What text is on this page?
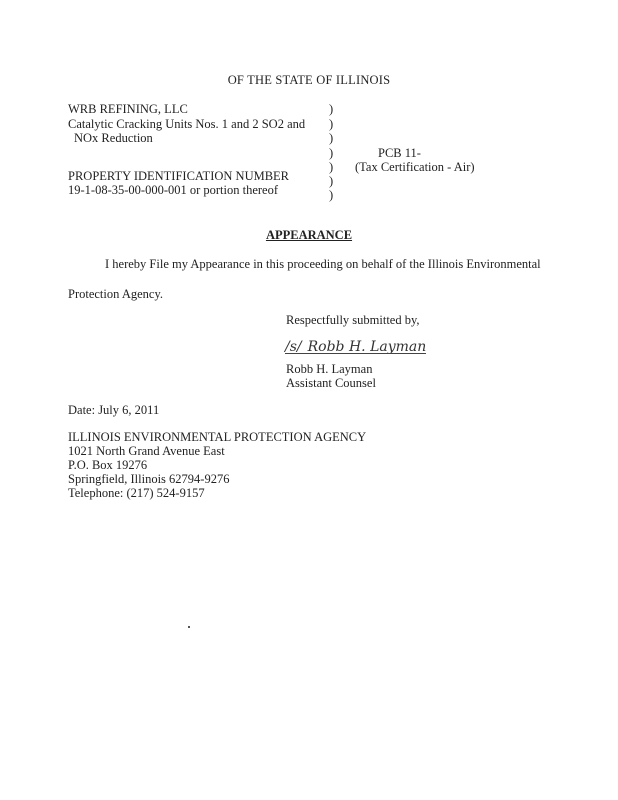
OF THE STATE OF ILLINOIS
WRB REFINING, LLC
Catalytic Cracking Units Nos. 1 and 2 SO2 and
NOx Reduction
PROPERTY IDENTIFICATION NUMBER
19-1-08-35-00-000-001 or portion thereof
)
)
)
)
)
)
)
PCB 11-
(Tax Certification - Air)
APPEARANCE
I hereby File my Appearance in this proceeding on behalf of the Illinois Environmental
Protection Agency.
Respectfully submitted by,
/s/ Robb H. Layman
Robb H. Layman
Assistant Counsel
Date: July 6, 2011
ILLINOIS ENVIRONMENTAL PROTECTION AGENCY
1021 North Grand Avenue East
P.O. Box 19276
Springfield, Illinois 62794-9276
Telephone: (217) 524-9157
